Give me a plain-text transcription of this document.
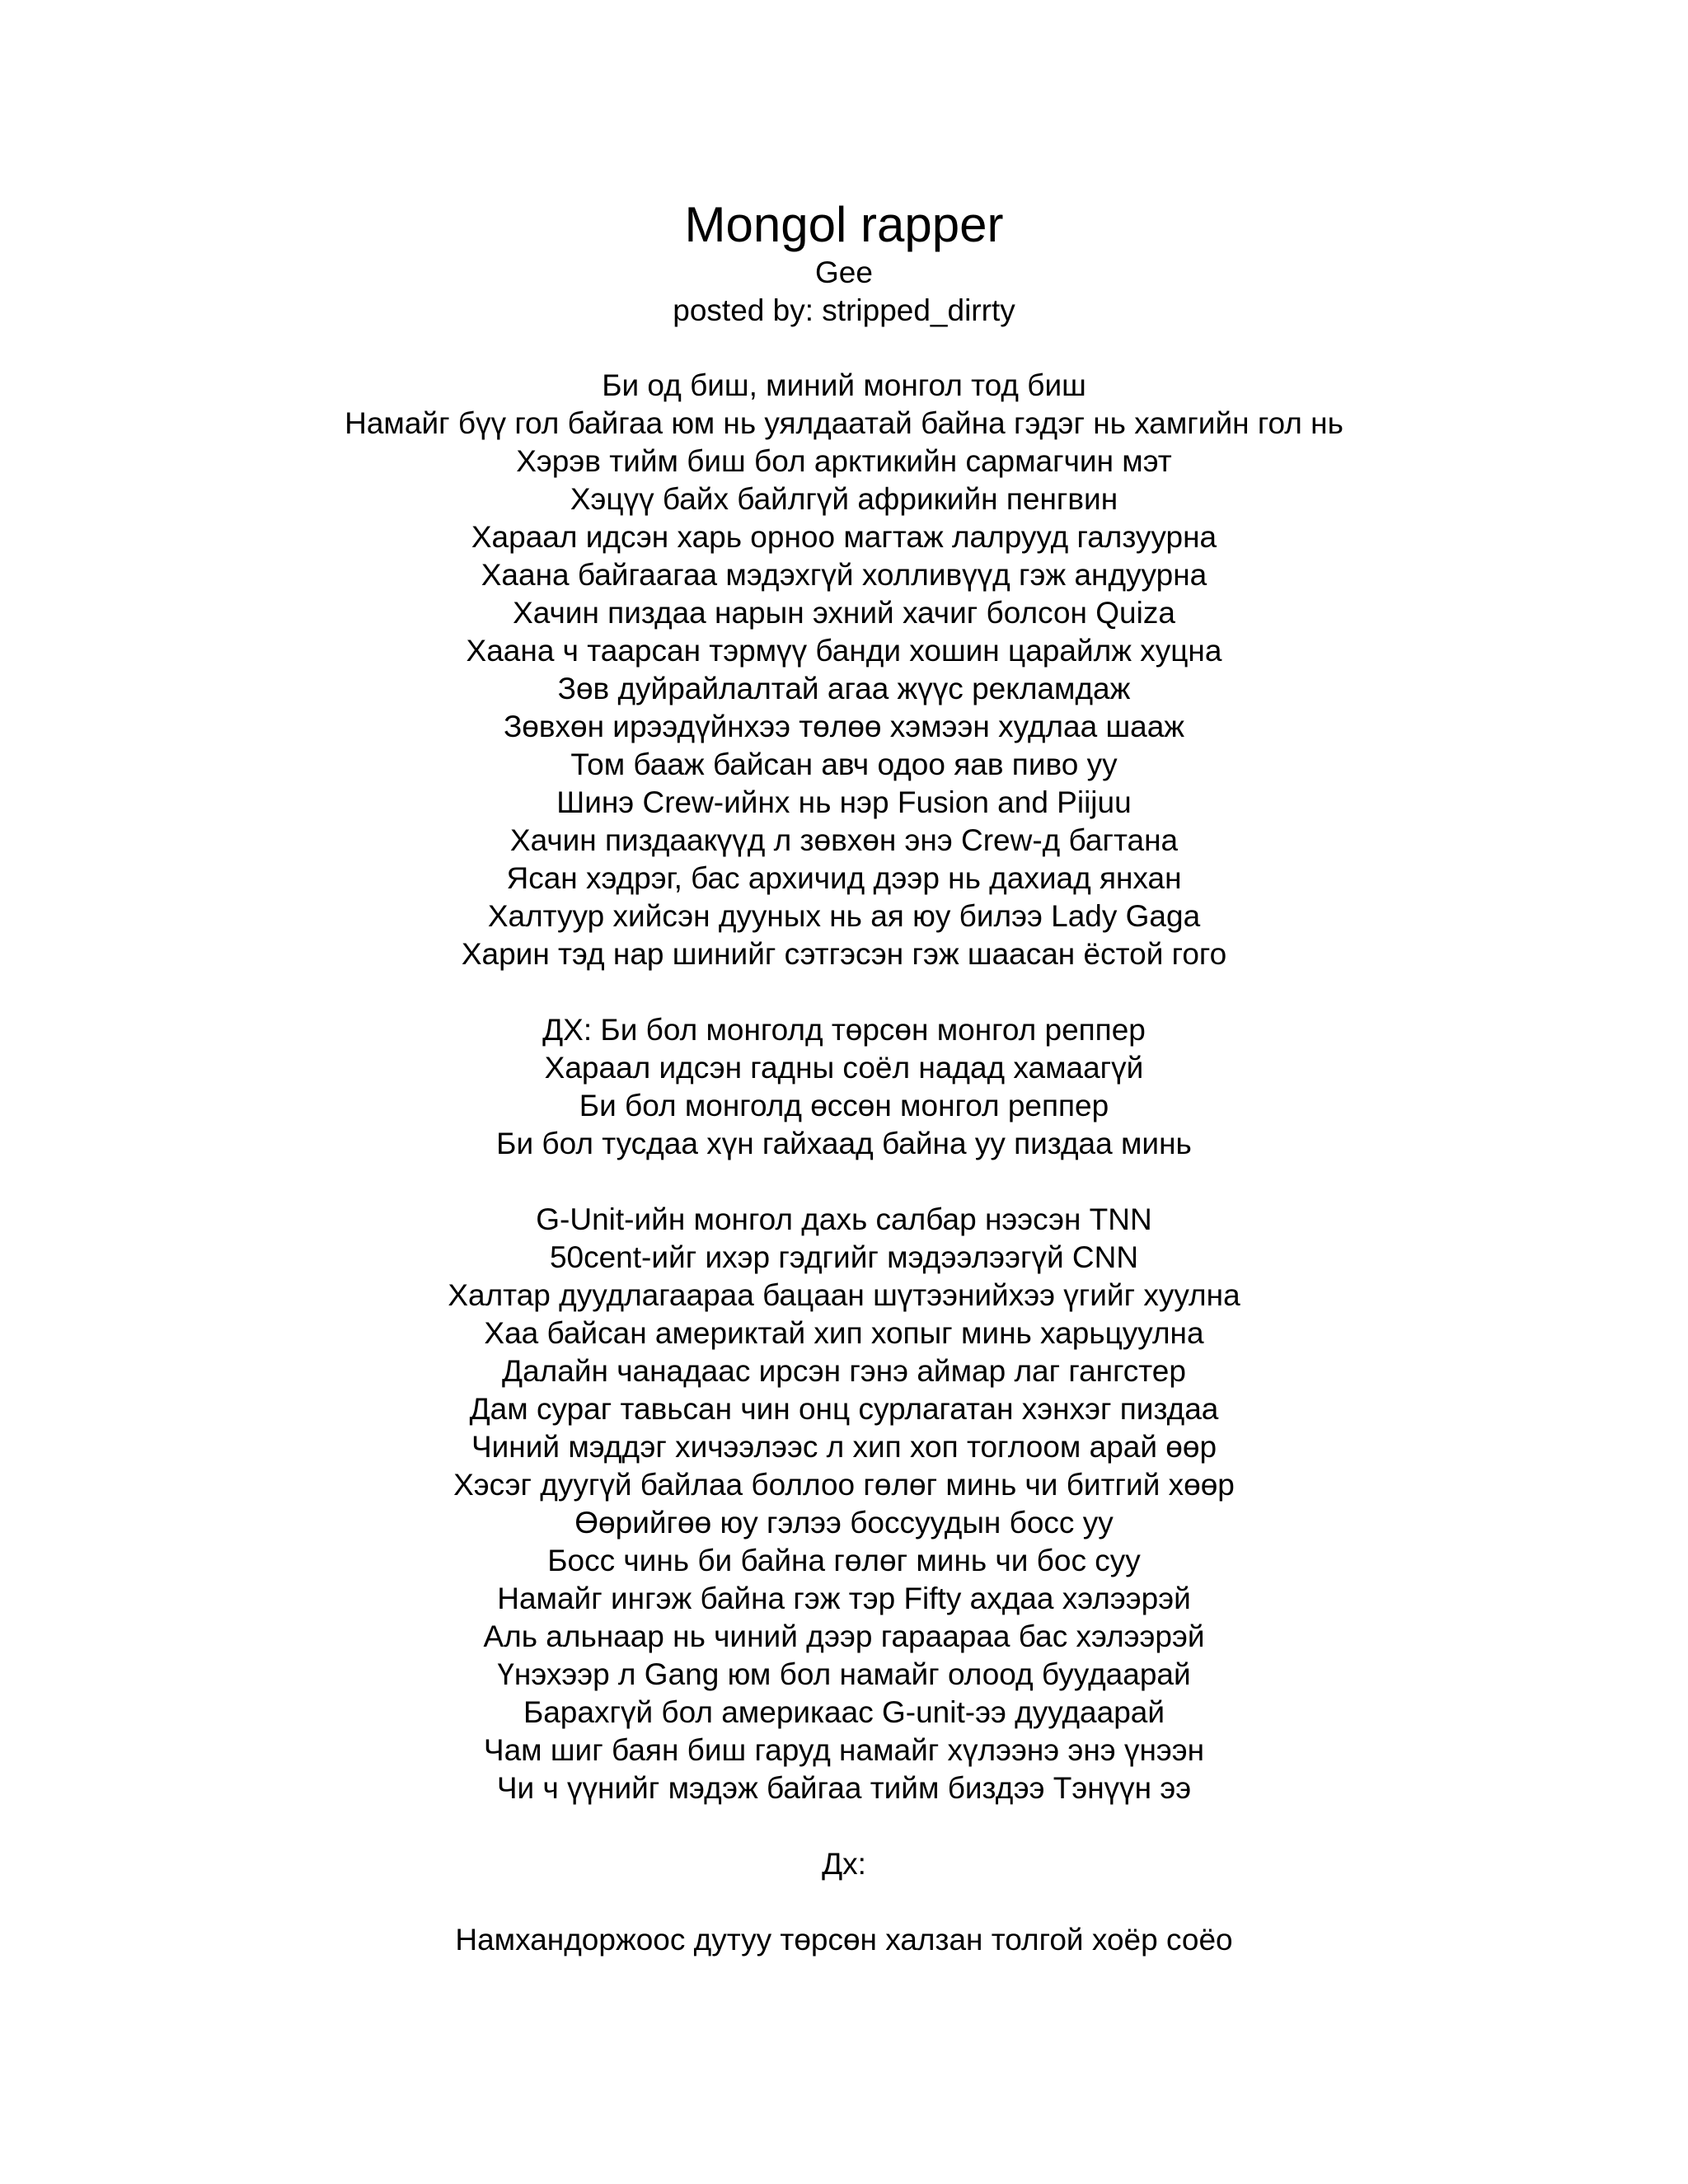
Mongol rapper
Gee
posted by: stripped_dirrty
Би од биш, миний монгол тод биш
Намайг бүү гол байгаа юм нь уялдаатай байна гэдэг нь хамгийн гол нь
Хэрэв тийм биш бол арктикийн сармагчин мэт
Хэцүү байх байлгүй африкийн пенгвин
Хараал идсэн харь орноо магтаж лалрууд галзуурна
Хаана байгаагаа мэдэхгүй холливүүд гэж андуурна
Хачин пиздаа нарын эхний хачиг болсон Quiza
Хаана ч таарсан тэрмүү банди хошин царайлж хуцна
Зөв дуйрайлалтай агаа жүүс рекламдаж
Зөвхөн ирээдүйнхээ төлөө хэмээн худлаа шааж
Том бааж байсан авч одоо яав пиво уу
Шинэ Crew-ийнх нь нэр Fusion and Piijuu
Хачин пиздаакүүд л зөвхөн энэ Crew-д багтана
Ясан хэдрэг, бас архичид дээр нь дахиад янхан
Халтуур хийсэн дууных нь ая юу билээ Lady Gaga
Харин тэд нар шинийг сэтгэсэн гэж шаасан ёстой гого
ДХ: Би бол монголд төрсөн монгол реппер
Хараал идсэн гадны соёл надад хамаагүй
Би бол монголд өссөн монгол реппер
Би бол тусдаа хүн гайхаад байна уу пиздаа минь
G-Unit-ийн монгол дахь салбар нээсэн TNN
50cent-ийг ихэр гэдгийг мэдээлээгүй CNN
Халтар дуудлагаараа бацаан шүтээнийхээ үгийг хуулна
Хаа байсан америктай хип хопыг минь харьцуулна
Далайн чанадаас ирсэн гэнэ аймар лаг гангстер
Дам сураг тавьсан чин онц сурлагатан хэнхэг пиздаа
Чиний мэддэг хичээлээс л хип хоп тоглоом арай өөр
Хэсэг дуугүй байлаа боллоо гөлөг минь чи битгий хөөр
Өөрийгөө юу гэлээ боссуудын босс уу
Босс чинь би байна гөлөг минь чи бос суу
Намайг ингэж байна гэж тэр Fifty ахдаа хэлээрэй
Аль альнаар нь чиний дээр гараараа бас хэлээрэй
Үнэхээр л Gang юм бол намайг олоод буудаарай
Барахгүй бол америкаас G-unit-ээ дуудаарай
Чам шиг баян биш гаруд намайг хүлээнэ энэ үнээн
Чи ч үүнийг мэдэж байгаа тийм биздээ Тэнүүн ээ
Дх:
Намхандоржоос дутуу төрсөн халзан толгой хоёр соёо
